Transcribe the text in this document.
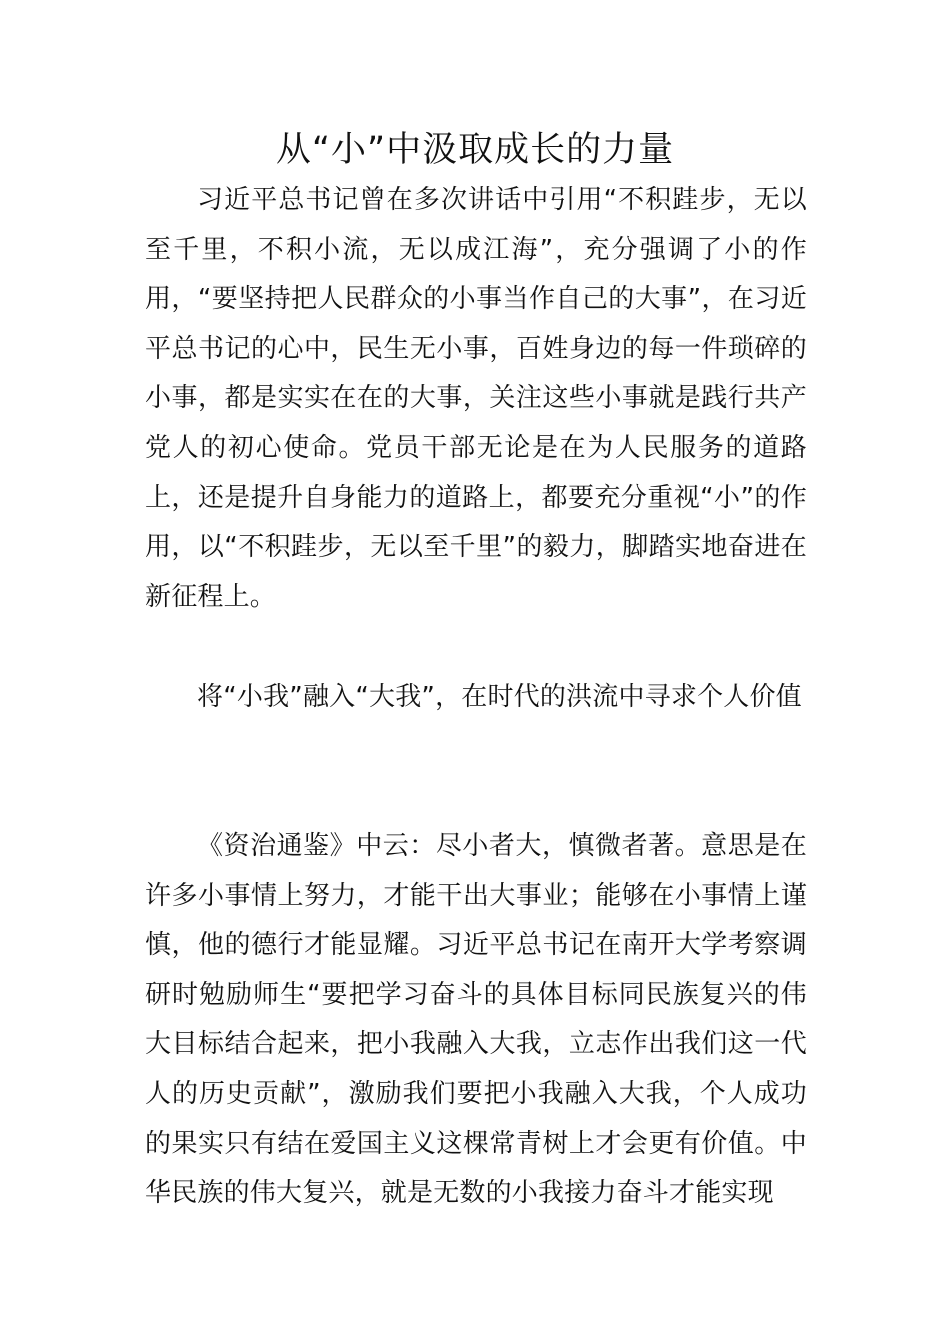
从“小”中汲取成长的力量

习近平总书记曾在多次讲话中引用“不积跬步，无以至千里，不积小流，无以成江海”，充分强调了小的作用，“要坚持把人民群众的小事当作自己的大事”，在习近平总书记的心中，民生无小事，百姓身边的每一件琐碎的小事，都是实实在在的大事，关注这些小事就是践行共产党人的初心使命。党员干部无论是在为人民服务的道路上，还是提升自身能力的道路上，都要充分重视“小”的作用，以“不积跬步，无以至千里”的毅力，脚踏实地奋进在新征程上。

将“小我”融入“大我”，在时代的洪流中寻求个人价值

《资治通鉴》中云：尽小者大，慎微者著。意思是在许多小事情上努力，才能干出大事业；能够在小事情上谨慎，他的德行才能显耀。习近平总书记在南开大学考察调研时勉励师生“要把学习奋斗的具体目标同民族复兴的伟大目标结合起来，把小我融入大我，立志作出我们这一代人的历史贡献”，激励我们要把小我融入大我，个人成功的果实只有结在爱国主义这棵常青树上才会更有价值。中华民族的伟大复兴，就是无数的小我接力奋斗才能实现
